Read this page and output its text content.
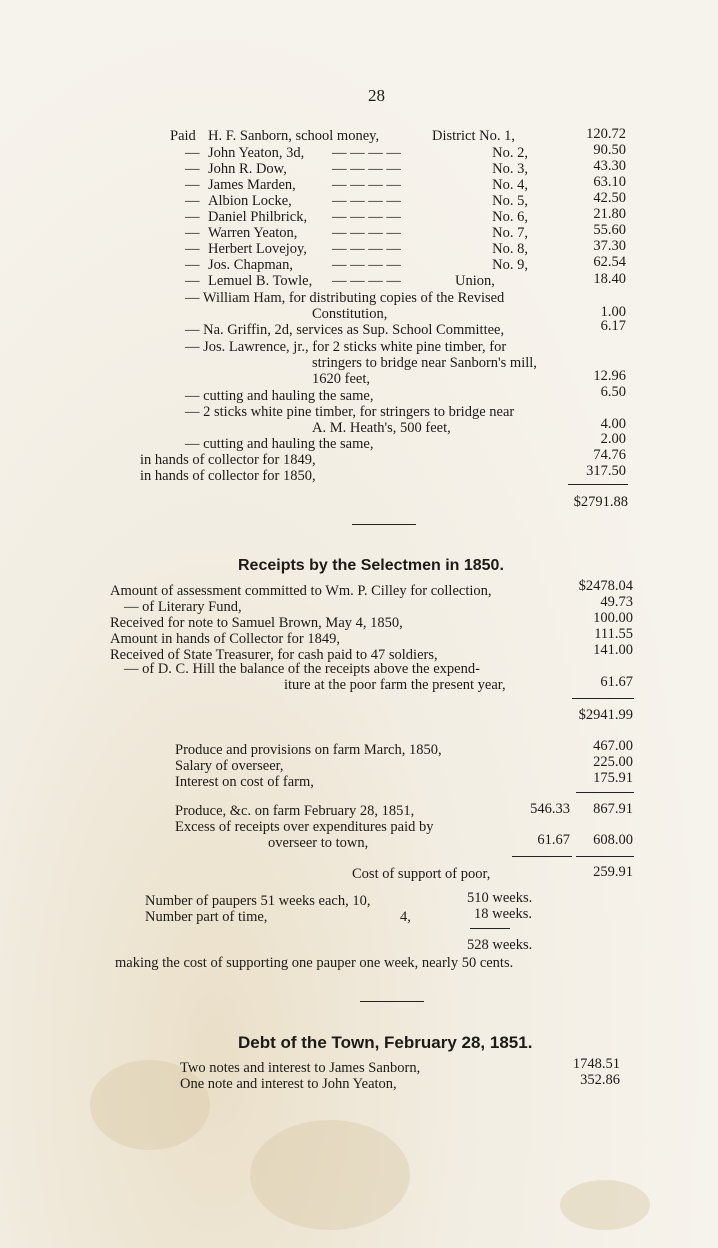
28
Paid H. F. Sanborn, school money,	District No. 1,	120.72
— John Yeaton, 3d, — — — —	No. 2,	90.50
— John R. Dow,	— — — —	No. 3,	43.30
— James Marden, — — — —	No. 4,	63.10
— Albion Locke,	— — — —	No. 5,	42.50
— Daniel Philbrick, — — — —	No. 6,	21.80
— Warren Yeaton, — — — —	No. 7,	55.60
— Herbert Lovejoy, — — — —	No. 8,	37.30
— Jos. Chapman,	— — — —	No. 9,	62.54
— Lemuel B. Towle, — — — —	Union,	18.40
— William Ham, for distributing copies of the Revised
Constitution,	1.00
— Na. Griffin, 2d, services as Sup. School Committee,	6.17
— Jos. Lawrence, jr., for 2 sticks white pine timber, for
stringers to bridge near Sanborn's mill,
1620 feet,	12.96
— cutting and hauling the same,	6.50
— 2 sticks white pine timber, for stringers to bridge near
A. M. Heath's, 500 feet,	4.00
— cutting and hauling the same,	2.00
in hands of collector for 1849,	74.76
in hands of collector for 1850,	317.50
$2791.88
Receipts by the Selectmen in 1850.
Amount of assessment committed to Wm. P. Cilley for collection,	$2478.04
— of Literary Fund,	49.73
Received for note to Samuel Brown, May 4, 1850,	100.00
Amount in hands of Collector for 1849,	111.55
Received of State Treasurer, for cash paid to 47 soldiers,	141.00
— of D. C. Hill the balance of the receipts above the expend-
iture at the poor farm the present year,	61.67
$2941.99
Produce and provisions on farm March, 1850,	467.00
Salary of overseer,	225.00
Interest on cost of farm,	175.91
Produce, &c. on farm February 28, 1851,	546.33 867.91
Excess of receipts over expenditures paid by
overseer to town,	61.67 608.00
Cost of support of poor,	259.91
Number of paupers 51 weeks each, 10,	510 weeks.
Number part of time,	4,	18 weeks.
528 weeks.
making the cost of supporting one pauper one week, nearly 50 cents.
Debt of the Town, February 28, 1851.
Two notes and interest to James Sanborn,	1748.51
One note and interest to John Yeaton,	352.86
